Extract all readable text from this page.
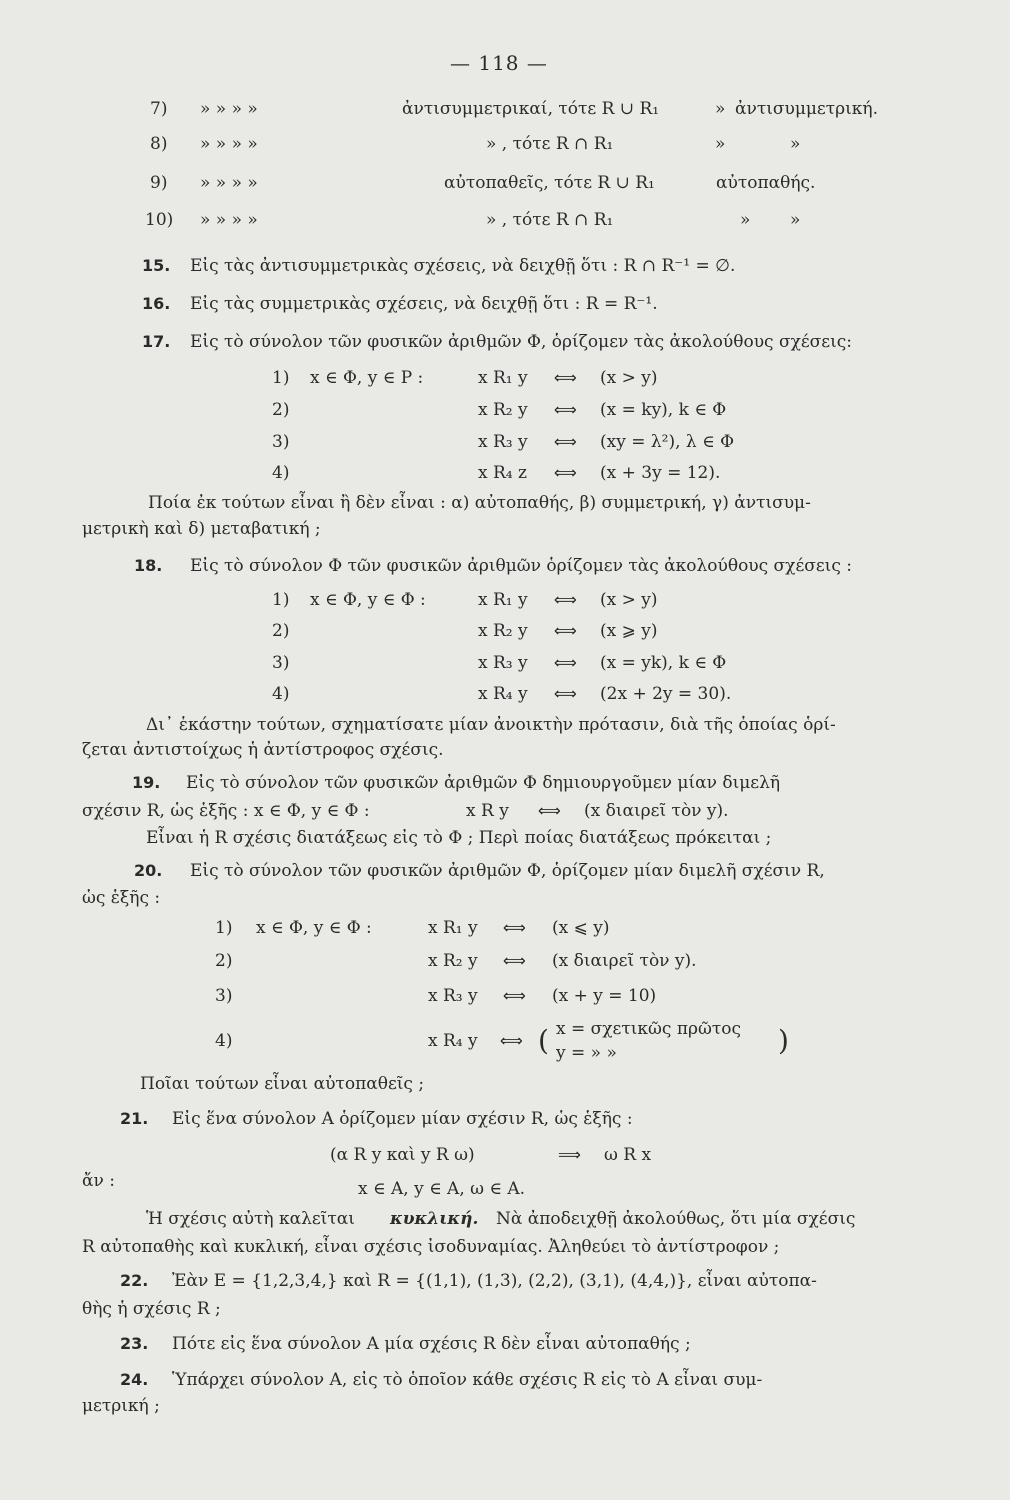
— 118 —
7) » » » »	ἀντισυμμετρικαί, τότε R ∪ R₁	» ἀντισυμμετρική.
8) » » » »	» , τότε R ∩ R₁	»	»
9) » » » »	αὐτοπαθεῖς, τότε R ∪ R₁	αὐτοπαθής.
10) » » » »	» , τότε R ∩ R₁	» »
15. Εἰς τὰς ἀντισυμμετρικὰς σχέσεις, νὰ δειχθῇ ὅτι : R ∩ R⁻¹ = ∅.
16. Εἰς τὰς συμμετρικὰς σχέσεις, νὰ δειχθῇ ὅτι : R = R⁻¹.
17. Εἰς τὸ σύνολον τῶν φυσικῶν ἀριθμῶν Φ, ὁρίζομεν τὰς ἀκολούθους σχέσεις:
1) x ∈ Φ, y ∈ P :	x R₁ y ⟺ (x > y)
2)	x R₂ y ⟺ (x = ky), k ∈ Φ
3)	x R₃ y ⟺ (xy = λ²), λ ∈ Φ
4)	x R₄ z ⟺ (x + 3y = 12).
Ποία ἐκ τούτων εἶναι ἢ δὲν εἶναι : α) αὐτοπαθής, β) συμμετρική, γ) ἀντισυμ-
μετρικὴ καὶ δ) μεταβατική ;
18. Εἰς τὸ σύνολον Φ τῶν φυσικῶν ἀριθμῶν ὁρίζομεν τὰς ἀκολούθους σχέσεις :
1) x ∈ Φ, y ∈ Φ :	x R₁ y ⟺ (x > y)
2)	x R₂ y ⟺ (x ⩾ y)
3)	x R₃ y ⟺ (x = yk), k ∈ Φ
4)	x R₄ y ⟺ (2x + 2y = 30).
Δι᾽ ἑκάστην τούτων, σχηματίσατε μίαν ἀνοικτὴν πρότασιν, διὰ τῆς ὁποίας ὁρί-
ζεται ἀντιστοίχως ἡ ἀντίστροφος σχέσις.
19. Εἰς τὸ σύνολον τῶν φυσικῶν ἀριθμῶν Φ δημιουργοῦμεν μίαν διμελῆ
σχέσιν R, ὡς ἑξῆς : x ∈ Φ, y ∈ Φ :	x R y ⟺ (x διαιρεῖ τὸν y).
Εἶναι ἡ R σχέσις διατάξεως εἰς τὸ Φ ; Περὶ ποίας διατάξεως πρόκειται ;
20. Εἰς τὸ σύνολον τῶν φυσικῶν ἀριθμῶν Φ, ὁρίζομεν μίαν διμελῆ σχέσιν R,
ὡς ἑξῆς :
1) x ∈ Φ, y ∈ Φ :	x R₁ y ⟺ (x ⩽ y)
2)	x R₂ y ⟺ (x διαιρεῖ τὸν y).
3)	x R₃ y ⟺ (x + y = 10)
4)	x R₄ y ⟺ ( x = σχετικῶς πρῶτος
y = » »	)
Ποῖαι τούτων εἶναι αὐτοπαθεῖς ;
21. Εἰς ἕνα σύνολον A ὁρίζομεν μίαν σχέσιν R, ὡς ἑξῆς :
(α R y καὶ y R ω)	⟹ ω R x
ἄν :	x ∈ A, y ∈ A, ω ∈ A.
Ἡ σχέσις αὐτὴ καλεῖται κυκλική. Νὰ ἀποδειχθῇ ἀκολούθως, ὅτι μία σχέσις
R αὐτοπαθὴς καὶ κυκλική, εἶναι σχέσις ἰσοδυναμίας. Ἀληθεύει τὸ ἀντίστροφον ;
22. Ἐὰν E = {1,2,3,4,} καὶ R = {(1,1), (1,3), (2,2), (3,1), (4,4,)}, εἶναι αὐτοπα-
θὴς ἡ σχέσις R ;
23. Πότε εἰς ἕνα σύνολον A μία σχέσις R δὲν εἶναι αὐτοπαθής ;
24. Ὑπάρχει σύνολον A, εἰς τὸ ὁποῖον κάθε σχέσις R εἰς τὸ A εἶναι συμ-
μετρική ;
